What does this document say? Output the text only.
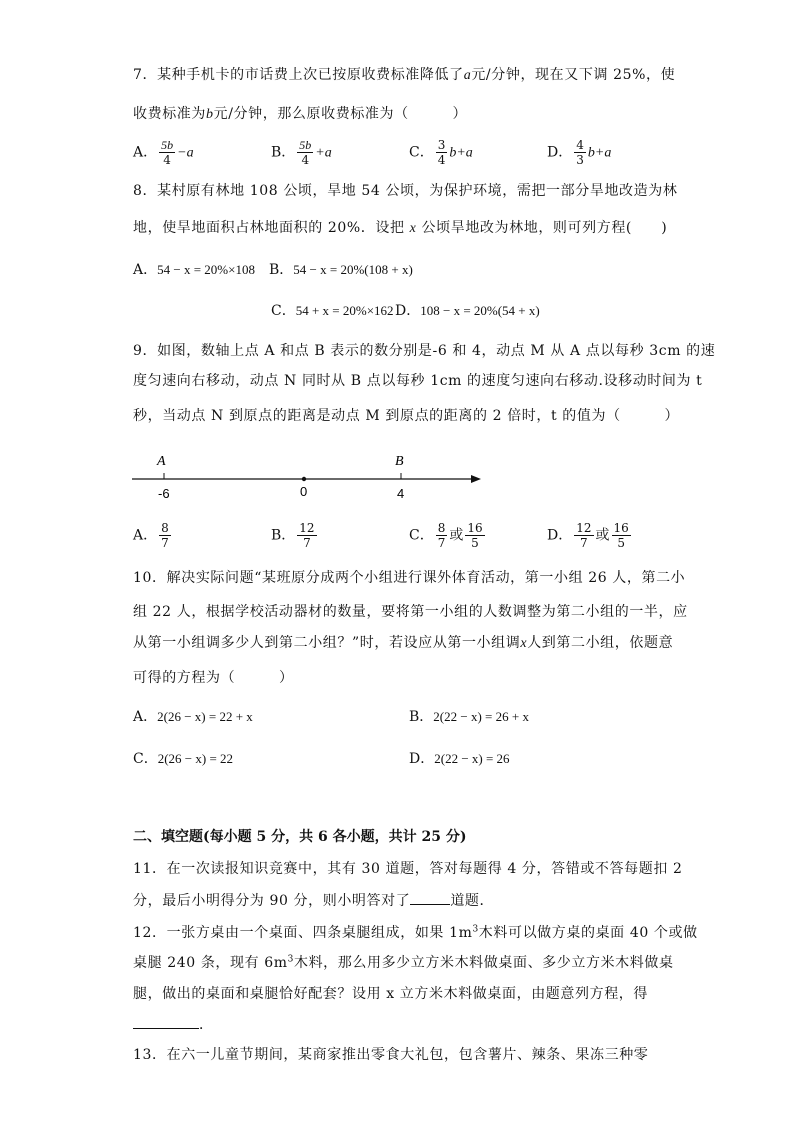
7．某种手机卡的市话费上次已按原收费标准降低了a元/分钟，现在又下调 25%，使
收费标准为b元/分钟，那么原收费标准为（　　　）
A． $\frac{5b}{4} -a$	B． $\frac{5b}{4} +a$	C． $\frac{3}{4} b+a$	D． $\frac{4}{3} b+a$
8．某村原有林地 108 公顷，旱地 54 公顷，为保护环境，需把一部分旱地改造为林
地，使旱地面积占林地面积的 20%．设把 x 公顷旱地改为林地，则可列方程(　　)
A．54 − x = 20%×108 B．54 − x = 20%(108 + x)
C．54 + x = 20%×162 D．108 − x = 20%(54 + x)
9．如图，数轴上点 A 和点 B 表示的数分别是-6 和 4，动点 M 从 A 点以每秒 3cm 的速
度匀速向右移动，动点 N 同时从 B 点以每秒 1cm 的速度匀速向右移动.设移动时间为 t
秒，当动点 N 到原点的距离是动点 M 到原点的距离的 2 倍时，t 的值为（　　　）
A	B
-6	0	4
A． $\frac{8}{7}$	B． $\frac{12}{7}$	C． $\frac{8}{7}$ 或 $\frac{16}{5}$	D． $\frac{12}{7}$ 或 $\frac{16}{5}$
10．解决实际问题“某班原分成两个小组进行课外体育活动，第一小组 26 人，第二小
组 22 人，根据学校活动器材的数量，要将第一小组的人数调整为第二小组的一半，应
从第一小组调多少人到第二小组？”时，若设应从第一小组调x人到第二小组，依题意
可得的方程为（　　　）
A．2(26 − x) = 22 + x	B．2(22 − x) = 26 + x
C．2(26 − x) = 22	D．2(22 − x) = 26
二、填空题(每小题 5 分，共 6 各小题，共计 25 分)
11．在一次读报知识竞赛中，其有 30 道题，答对每题得 4 分，答错或不答每题扣 2
分，最后小明得分为 90 分，则小明答对了	道题．
12．一张方桌由一个桌面、四条桌腿组成，如果 $1m^3$木料可以做方桌的桌面 40 个或做
桌腿 240 条，现有 $6m^3$木料，那么用多少立方米木料做桌面、多少立方米木料做桌
腿，做出的桌面和桌腿恰好配套？设用 x 立方米木料做桌面，由题意列方程，得
．
13．在六一儿童节期间，某商家推出零食大礼包，包含薯片、辣条、果冻三种零
